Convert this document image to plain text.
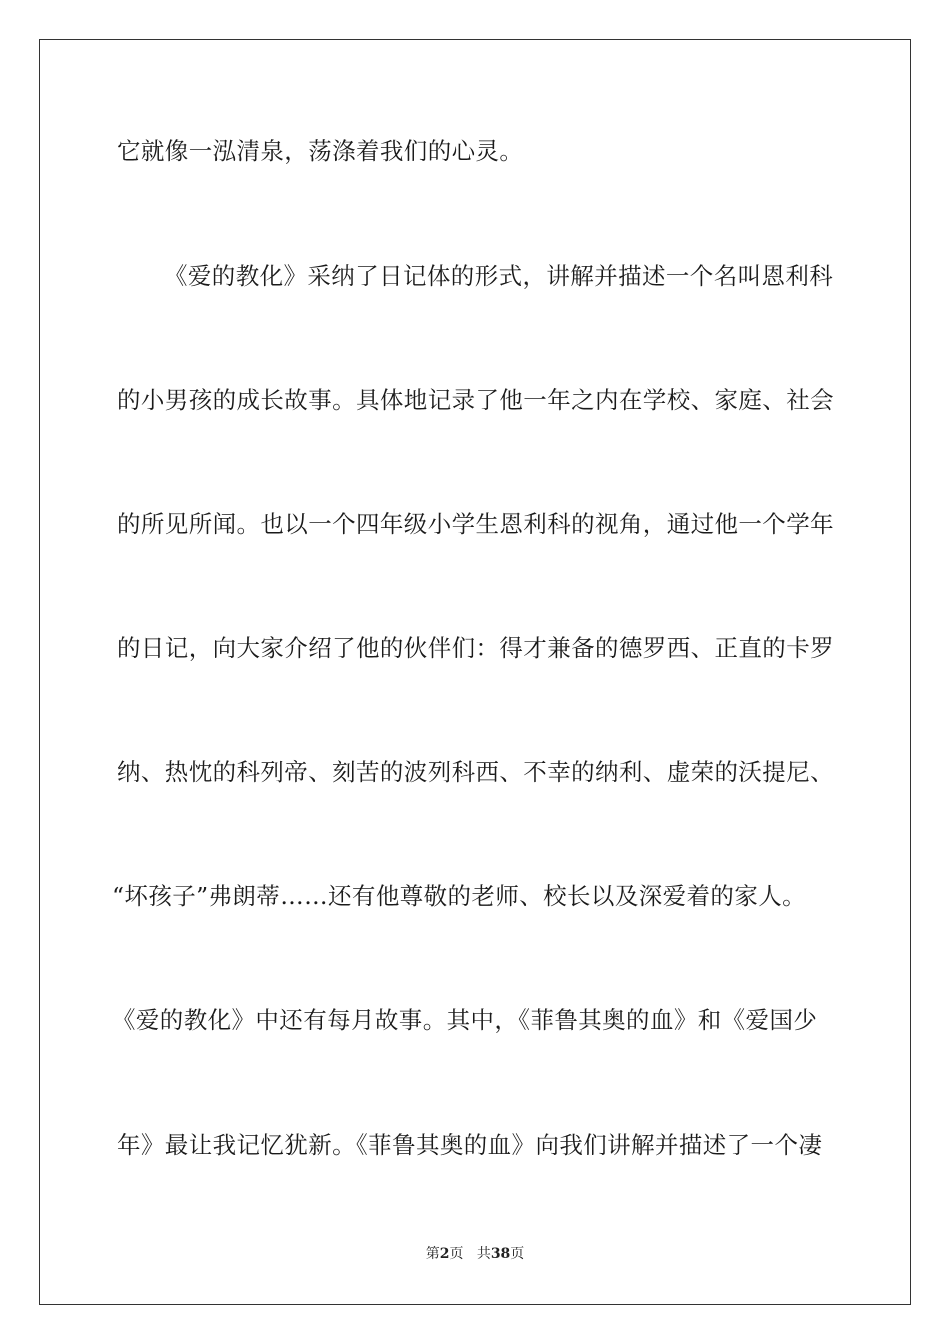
它就像一泓清泉，荡涤着我们的心灵。
《爱的教化》采纳了日记体的形式，讲解并描述一个名叫恩利科
的小男孩的成长故事。具体地记录了他一年之内在学校、家庭、社会
的所见所闻。也以一个四年级小学生恩利科的视角，通过他一个学年
的日记，向大家介绍了他的伙伴们：得才兼备的德罗西、正直的卡罗
纳、热忱的科列帝、刻苦的波列科西、不幸的纳利、虚荣的沃提尼、
“坏孩子”弗朗蒂……还有他尊敬的老师、校长以及深爱着的家人。
《爱的教化》中还有每月故事。其中，《菲鲁其奥的血》和《爱国少
年》最让我记忆犹新。《菲鲁其奥的血》向我们讲解并描述了一个凄
第2页 共38页
